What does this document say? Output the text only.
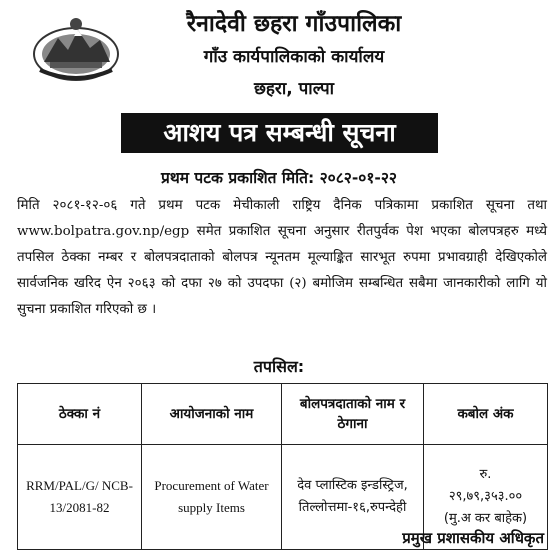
रैनादेवी छहरा गाँउपालिका
गाँउ कार्यपालिकाको कार्यालय
छहरा, पाल्पा
आशय पत्र सम्बन्धी सूचना
प्रथम पटक प्रकाशित मिति: २०८२-०१-२२

मिति २०८१-१२-०६ गते प्रथम पटक मेचीकाली राष्ट्रिय दैनिक पत्रिकामा प्रकाशित सूचना तथा www.bolpatra.gov.np/egp समेत प्रकाशित सूचना अनुसार रीतपुर्वक पेश भएका बोलपत्रहरु मध्ये तपसिल ठेक्का नम्बर र बोलपत्रदाताको बोलपत्र न्यूनतम मूल्याङ्कित सारभूत रुपमा प्रभावग्राही देखिएकोले सार्वजनिक खरिद ऐन २०६३ को दफा २७ को उपदफा (२) बमोजिम सम्बन्धित सबैमा जानकारीको लागि यो सुचना प्रकाशित गरिएको छ ।

तपसिल:
ठेक्का नं	आयोजनाको नाम	बोलपत्रदाताको नाम र ठेगाना	कबोल अंक
RRM/PAL/G/ NCB-13/2081-82	Procurement of Water supply Items	देव प्लास्टिक इन्डस्ट्रिज, तिल्लोत्तमा-१६,रुपन्देही	रु.
२९,७९,३५३.००
(मु.अ कर बाहेक)
प्रमुख प्रशासकीय अधिकृत
